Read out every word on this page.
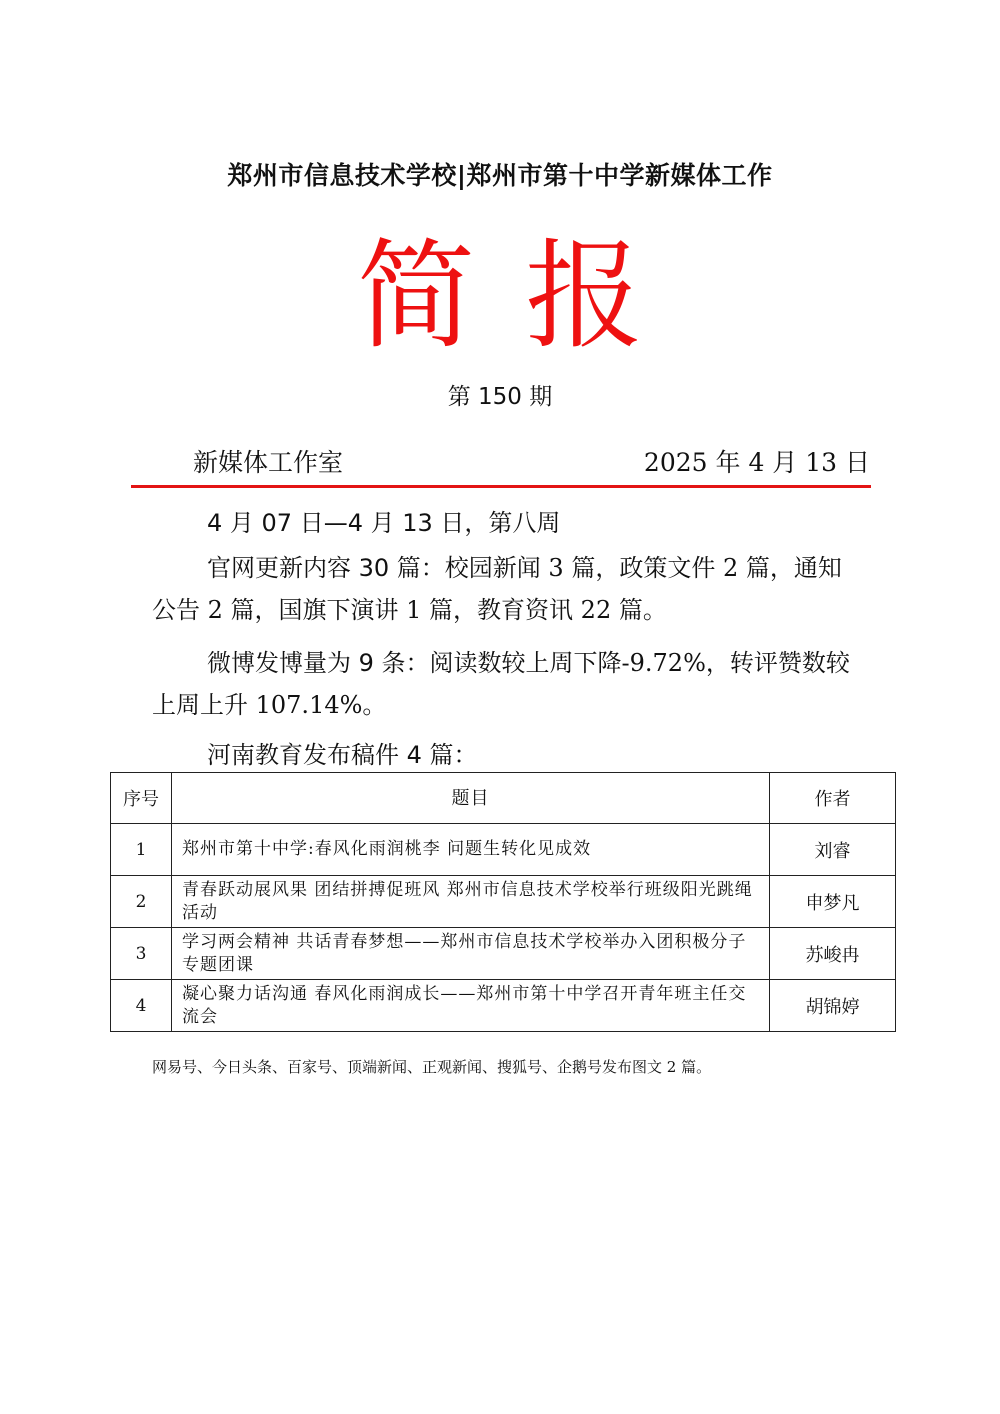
郑州市信息技术学校|郑州市第十中学新媒体工作
简报
第 150 期
新媒体工作室	2025 年 4 月 13 日
4 月 07 日—4 月 13 日，第八周
官网更新内容 30 篇：校园新闻 3 篇，政策文件 2 篇，通知公告 2 篇，国旗下演讲 1 篇，教育资讯 22 篇。
微博发博量为 9 条：阅读数较上周下降-9.72%，转评赞数较上周上升 107.14%。
河南教育发布稿件 4 篇：
序号	题目	作者
1	郑州市第十中学:春风化雨润桃李 问题生转化见成效	刘睿
2	青春跃动展风果 团结拼搏促班风 郑州市信息技术学校举行班级阳光跳绳活动	申梦凡
3	学习两会精神 共话青春梦想——郑州市信息技术学校举办入团积极分子专题团课	苏峻冉
4	凝心聚力话沟通 春风化雨润成长——郑州市第十中学召开青年班主任交流会	胡锦婷
网易号、今日头条、百家号、顶端新闻、正观新闻、搜狐号、企鹅号发布图文 2 篇。
